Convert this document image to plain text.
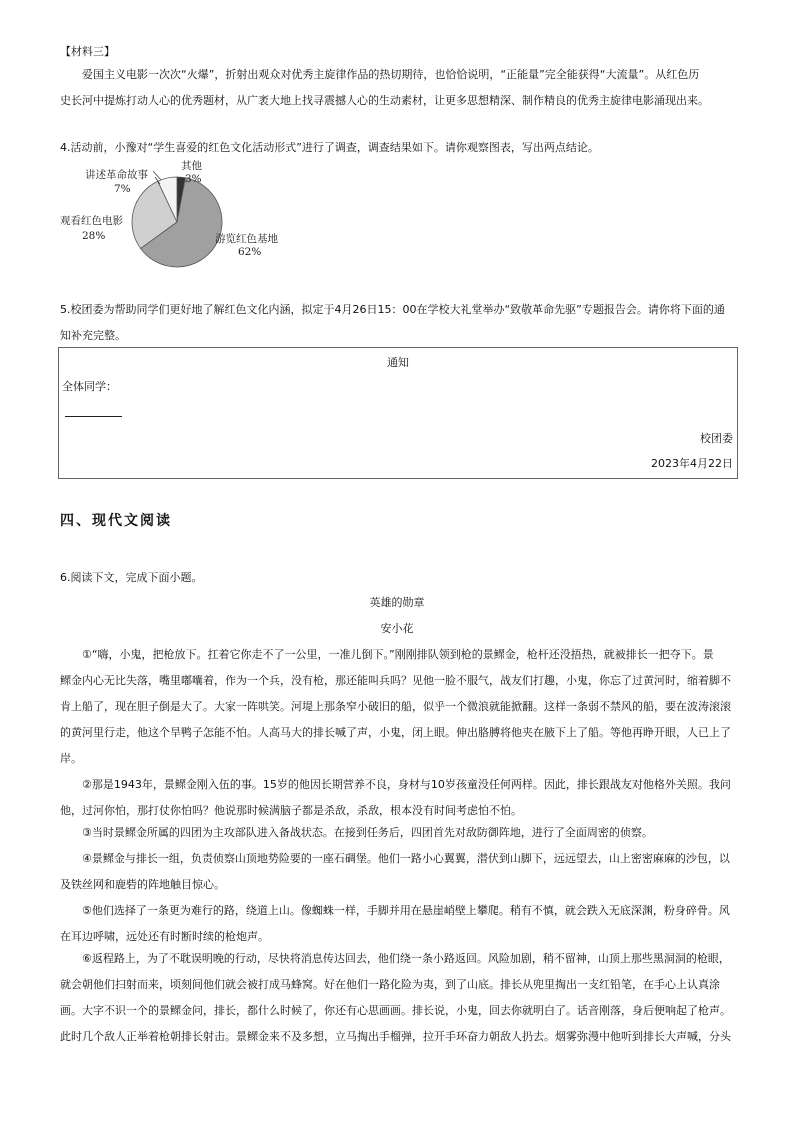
【材料三】
爱国主义电影一次次“火爆”，折射出观众对优秀主旋律作品的热切期待，也恰恰说明，“正能量”完全能获得“大流量”。从红色历
史长河中提炼打动人心的优秀题材，从广袤大地上找寻震撼人心的生动素材，让更多思想精深、制作精良的优秀主旋律电影涌现出来。
4.活动前，小豫对“学生喜爱的红色文化活动形式”进行了调查，调查结果如下。请你观察图表，写出两点结论。
其他
3%
讲述革命故事
7%
观看红色电影
28%	游览红色基地
62%
5.校团委为帮助同学们更好地了解红色文化内涵，拟定于4月26日15：00在学校大礼堂举办“致敬革命先驱”专题报告会。请你将下面的通
知补充完整。
通知
全体同学：
校团委
2023年4月22日
四、现代文阅读
6.阅读下文，完成下面小题。
英雄的勋章
安小花
①“嗨，小鬼，把枪放下。扛着它你走不了一公里，一准儿倒下。”刚刚排队领到枪的景鳏金，枪杆还没捂热，就被排长一把夺下。景
鳏金内心无比失落，嘴里嘟囔着，作为一个兵，没有枪，那还能叫兵吗？见他一脸不服气，战友们打趣，小鬼，你忘了过黄河时，缩着脚不
肯上船了，现在胆子倒是大了。大家一阵哄笑。河堤上那条窄小破旧的船，似乎一个微浪就能掀翻。这样一条弱不禁风的船，要在波涛滚滚
的黄河里行走，他这个旱鸭子怎能不怕。人高马大的排长喊了声，小鬼，闭上眼。伸出胳膊将他夹在腋下上了船。等他再睁开眼，人已上了
岸。
②那是1943年，景鳏金刚入伍的事。15岁的他因长期营养不良，身材与10岁孩童没任何两样。因此，排长跟战友对他格外关照。我问
他，过河你怕，那打仗你怕吗？他说那时候满脑子都是杀敌，杀敌，根本没有时间考虑怕不怕。
③当时景鳏金所属的四团为主攻部队进入备战状态。在接到任务后，四团首先对敌防御阵地，进行了全面周密的侦察。
④景鳏金与排长一组，负责侦察山顶地势险要的一座石碉堡。他们一路小心翼翼，潜伏到山脚下，远远望去，山上密密麻麻的沙包，以
及铁丝网和鹿砦的阵地触目惊心。
⑤他们选择了一条更为难行的路，绕道上山。像蜘蛛一样，手脚并用在悬崖峭壁上攀爬。稍有不慎，就会跌入无底深渊，粉身碎骨。风
在耳边呼啸，远处还有时断时续的枪炮声。
⑥返程路上，为了不耽误明晚的行动，尽快将消息传达回去，他们绕一条小路返回。风险加剧，稍不留神，山顶上那些黑洞洞的枪眼，
就会朝他们扫射而来，顷刻间他们就会被打成马蜂窝。好在他们一路化险为夷，到了山底。排长从兜里掏出一支红铅笔，在手心上认真涂
画。大字不识一个的景鳏金问，排长，都什么时候了，你还有心思画画。排长说，小鬼，回去你就明白了。话音刚落，身后便响起了枪声。
此时几个敌人正举着枪朝排长射击。景鳏金来不及多想，立马掏出手榴弹，拉开手环奋力朝敌人扔去。烟雾弥漫中他听到排长大声喊，分头
